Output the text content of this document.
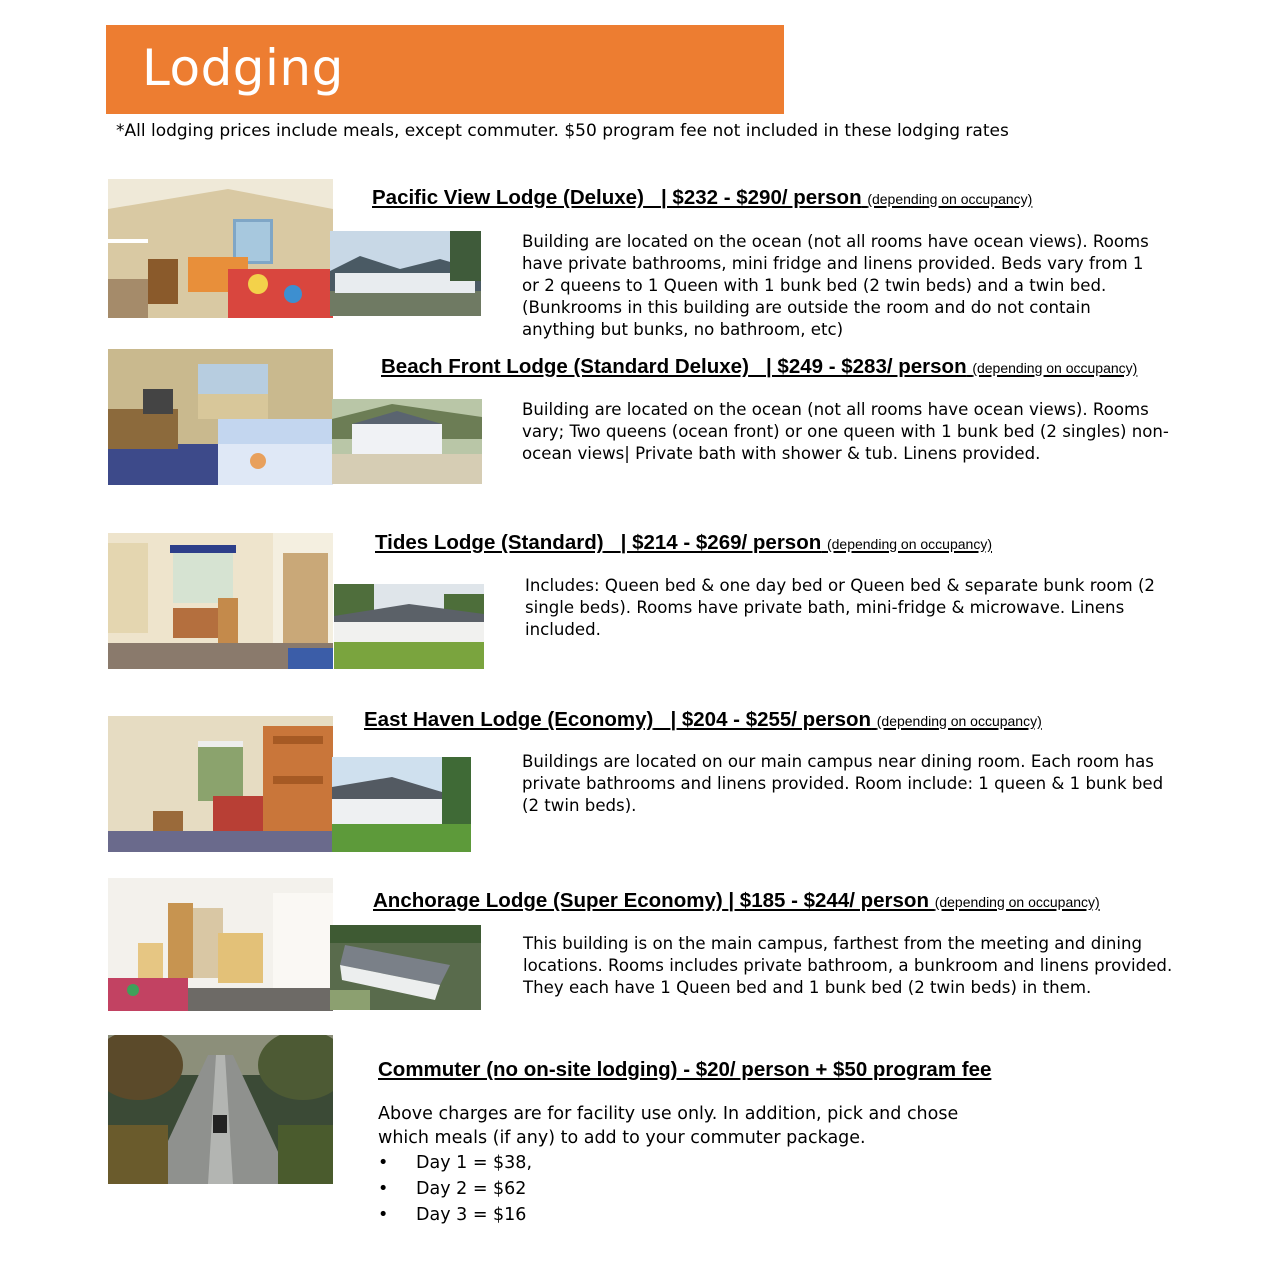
Lodging
*All lodging prices include meals, except commuter. $50 program fee not included in these lodging rates
Pacific View Lodge (Deluxe) | $232 - $290/ person (depending on occupancy)
Building are located on the ocean (not all rooms have ocean views). Rooms have private bathrooms, mini fridge and linens provided. Beds vary from 1 or 2 queens to 1 Queen with 1 bunk bed (2 twin beds) and a twin bed. (Bunkrooms in this building are outside the room and do not contain anything but bunks, no bathroom, etc)
Beach Front Lodge (Standard Deluxe) | $249 - $283/ person (depending on occupancy)
Building are located on the ocean (not all rooms have ocean views). Rooms vary; Two queens (ocean front) or one queen with 1 bunk bed (2 singles) non-ocean views| Private bath with shower & tub. Linens provided.
Tides Lodge (Standard) | $214 - $269/ person (depending on occupancy)
Includes: Queen bed & one day bed or Queen bed & separate bunk room (2 single beds). Rooms have private bath, mini-fridge & microwave. Linens included.
East Haven Lodge (Economy) | $204 - $255/ person (depending on occupancy)
Buildings are located on our main campus near dining room. Each room has private bathrooms and linens provided. Room include: 1 queen & 1 bunk bed (2 twin beds).
Anchorage Lodge (Super Economy) | $185 - $244/ person (depending on occupancy)
This building is on the main campus, farthest from the meeting and dining locations. Rooms includes private bathroom, a bunkroom and linens provided. They each have 1 Queen bed and 1 bunk bed (2 twin beds) in them.
Commuter (no on-site lodging) - $20/ person + $50 program fee
Above charges are for facility use only. In addition, pick and chose which meals (if any) to add to your commuter package.
• Day 1 = $38,
• Day 2 = $62
• Day 3 = $16
